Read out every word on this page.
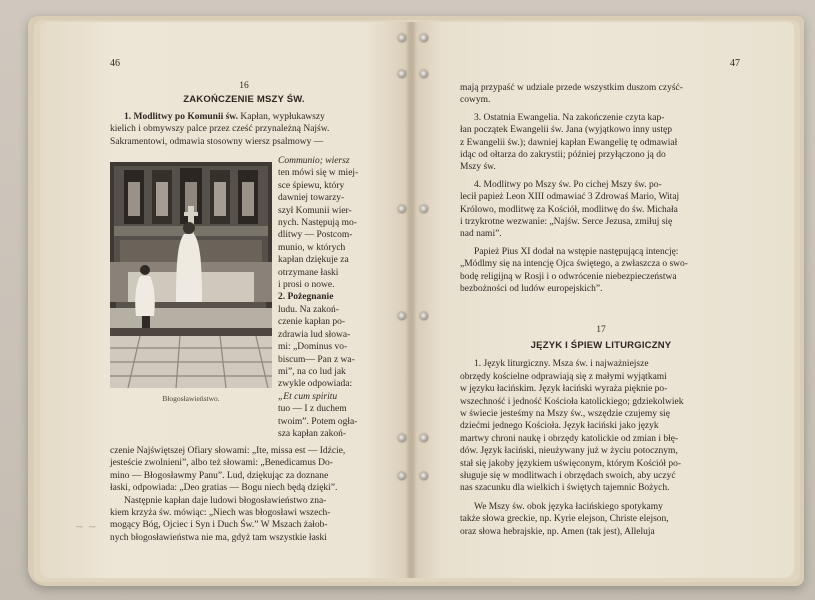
46

16

ZAKOŃCZENIE MSZY ŚW.

1. Modlitwy po Komunii św. Kapłan, wypłukawszy

kielich i obmywszy palce przez cześć przynależną Najśw.

Sakramentowi, odmawia stosowny wiersz psalmowy —

Communio; wiersz

ten mówi się w miej-

sce śpiewu, który

dawniej towarzy-

szył Komunii wier-

nych. Następują mo-

dlitwy — Postcom-

munio, w których

kapłan dziękuje za

otrzymane łaski

i prosi o nowe.

2. Pożegnanie

ludu. Na zakoń-

czenie kapłan po-

zdrawia lud słowa-

mi: „Dominus vo-

biscum— Pan z wa-

mi”, na co lud jak

zwykle odpowiada:

„Et cum spiritu

tuo — I z duchem

twoim”. Potem ogła-

sza kapłan zakoń-

Błogosławieństwo.

czenie Najświętszej Ofiary słowami: „Ite, missa est — Idźcie,

jesteście zwolnieni”, albo też słowami: „Benedicamus Do-

mino — Błogosławmy Panu”. Lud, dziękując za doznane

łaski, odpowiada: „Deo gratias — Bogu niech będą dzięki”.

Następnie kapłan daje ludowi błogosławieństwo zna-

kiem krzyża św. mówiąc: „Niech was błogosławi wszech-

mogący Bóg, Ojciec i Syn i Duch Św.” W Mszach żałob-

nych błogosławieństwa nie ma, gdyż tam wszystkie łaski

~ ~
47

mają przypaść w udziale przede wszystkim duszom czyść-

cowym.

3. Ostatnia Ewangelia. Na zakończenie czyta kap-

łan początek Ewangelii św. Jana (wyjątkowo inny ustęp

z Ewangelii św.); dawniej kapłan Ewangelię tę odmawiał

idąc od ołtarza do zakrystii; później przyłączono ją do

Mszy św.

4. Modlitwy po Mszy św. Po cichej Mszy św. po-

lecił papież Leon XIII odmawiać 3 Zdrowaś Mario, Witaj

Królowo, modlitwę za Kościół, modlitwę do św. Michała

i trzykrotne wezwanie: „Najśw. Serce Jezusa, zmiłuj się

nad nami”.

Papież Pius XI dodał na wstępie następującą intencję:

„Módlmy się na intencję Ojca świętego, a zwłaszcza o swo-

bodę religijną w Rosji i o odwrócenie niebezpieczeństwa

bezbożności od ludów europejskich”.

17

JĘZYK I ŚPIEW LITURGICZNY

1. Język liturgiczny. Msza św. i najważniejsze

obrzędy kościelne odprawiają się z małymi wyjątkami

w języku łacińskim. Język łaciński wyraża pięknie po-

wszechność i jedność Kościoła katolickiego; gdziekolwiek

w świecie jesteśmy na Mszy św., wszędzie czujemy się

dziećmi jednego Kościoła. Język łaciński jako język

martwy chroni naukę i obrzędy katolickie od zmian i błę-

dów. Język łaciński, nieużywany już w życiu potocznym,

stał się jakoby językiem uświęconym, którym Kościół po-

sługuje się w modlitwach i obrzędach swoich, aby uczyć

nas szacunku dla wielkich i świętych tajemnic Bożych.

We Mszy św. obok języka łacińskiego spotykamy

także słowa greckie, np. Kyrie elejson, Christe elejson,

oraz słowa hebrajskie, np. Amen (tak jest), Alleluja
